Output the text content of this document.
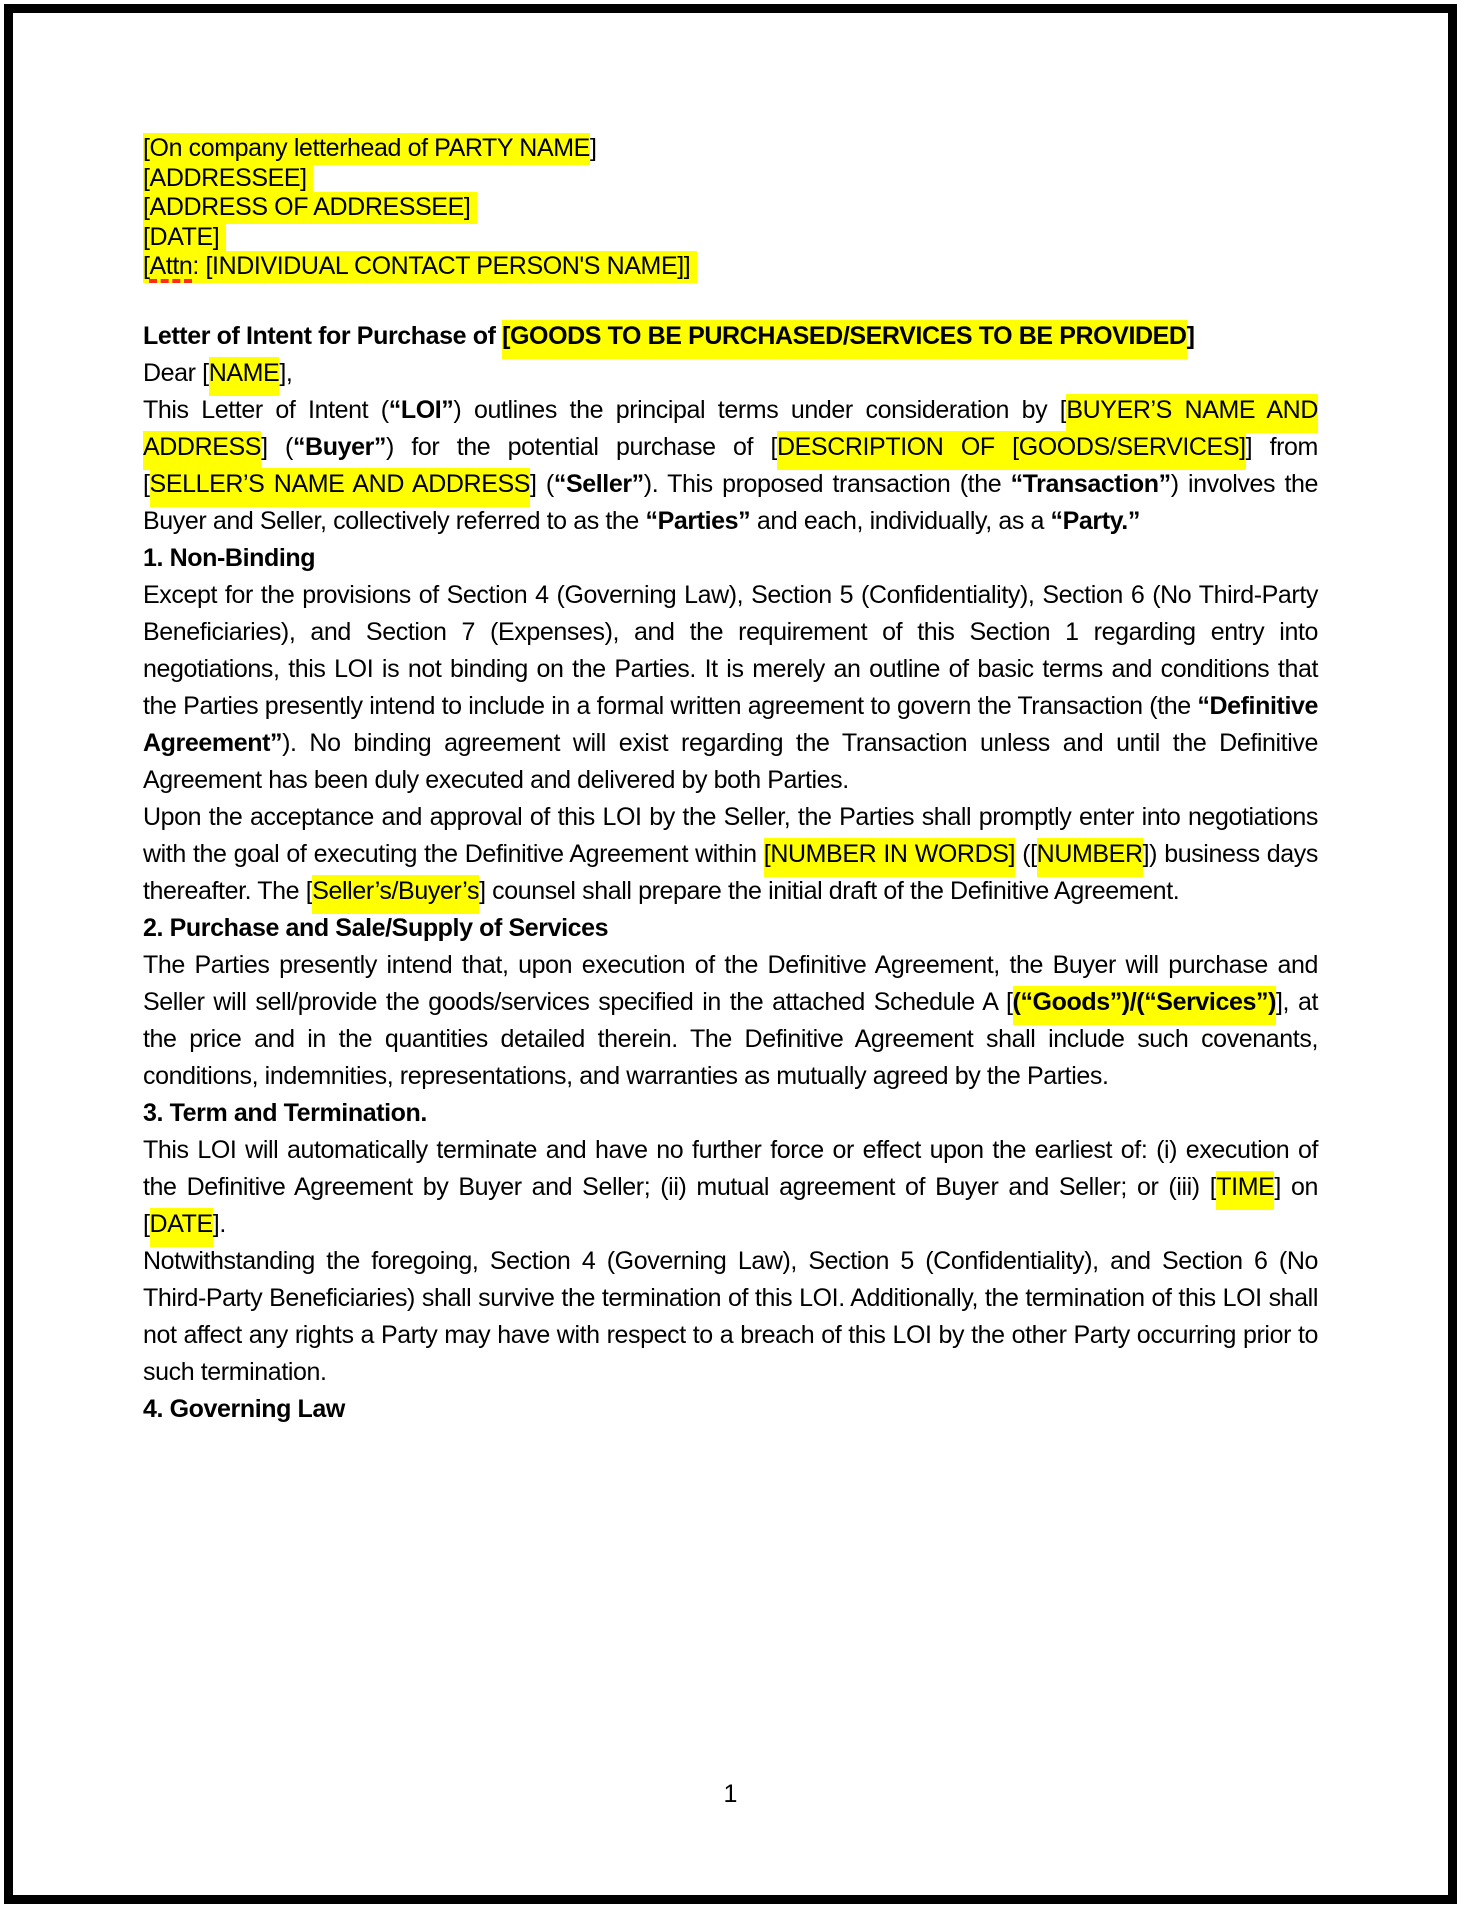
[On company letterhead of PARTY NAME]
[ADDRESSEE]
[ADDRESS OF ADDRESSEE]
[DATE]
[Attn: [INDIVIDUAL CONTACT PERSON'S NAME]]

Letter of Intent for Purchase of [GOODS TO BE PURCHASED/SERVICES TO BE PROVIDED]

Dear [NAME],

This Letter of Intent (“LOI”) outlines the principal terms under consideration by [BUYER’S NAME AND ADDRESS] (“Buyer”) for the potential purchase of [DESCRIPTION OF [GOODS/SERVICES]] from [SELLER’S NAME AND ADDRESS] (“Seller”). This proposed transaction (the “Transaction”) involves the Buyer and Seller, collectively referred to as the “Parties” and each, individually, as a “Party.”

1. Non-Binding

Except for the provisions of Section 4 (Governing Law), Section 5 (Confidentiality), Section 6 (No Third-Party Beneficiaries), and Section 7 (Expenses), and the requirement of this Section 1 regarding entry into negotiations, this LOI is not binding on the Parties. It is merely an outline of basic terms and conditions that the Parties presently intend to include in a formal written agreement to govern the Transaction (the “Definitive Agreement”). No binding agreement will exist regarding the Transaction unless and until the Definitive Agreement has been duly executed and delivered by both Parties.

Upon the acceptance and approval of this LOI by the Seller, the Parties shall promptly enter into negotiations with the goal of executing the Definitive Agreement within [NUMBER IN WORDS] ([NUMBER]) business days thereafter. The [Seller’s/Buyer’s] counsel shall prepare the initial draft of the Definitive Agreement.

2. Purchase and Sale/Supply of Services

The Parties presently intend that, upon execution of the Definitive Agreement, the Buyer will purchase and Seller will sell/provide the goods/services specified in the attached Schedule A [(“Goods”)/(“Services”)], at the price and in the quantities detailed therein. The Definitive Agreement shall include such covenants, conditions, indemnities, representations, and warranties as mutually agreed by the Parties.

3. Term and Termination.

This LOI will automatically terminate and have no further force or effect upon the earliest of: (i) execution of the Definitive Agreement by Buyer and Seller; (ii) mutual agreement of Buyer and Seller; or (iii) [TIME] on [DATE].

Notwithstanding the foregoing, Section 4 (Governing Law), Section 5 (Confidentiality), and Section 6 (No Third-Party Beneficiaries) shall survive the termination of this LOI. Additionally, the termination of this LOI shall not affect any rights a Party may have with respect to a breach of this LOI by the other Party occurring prior to such termination.

4. Governing Law

1
